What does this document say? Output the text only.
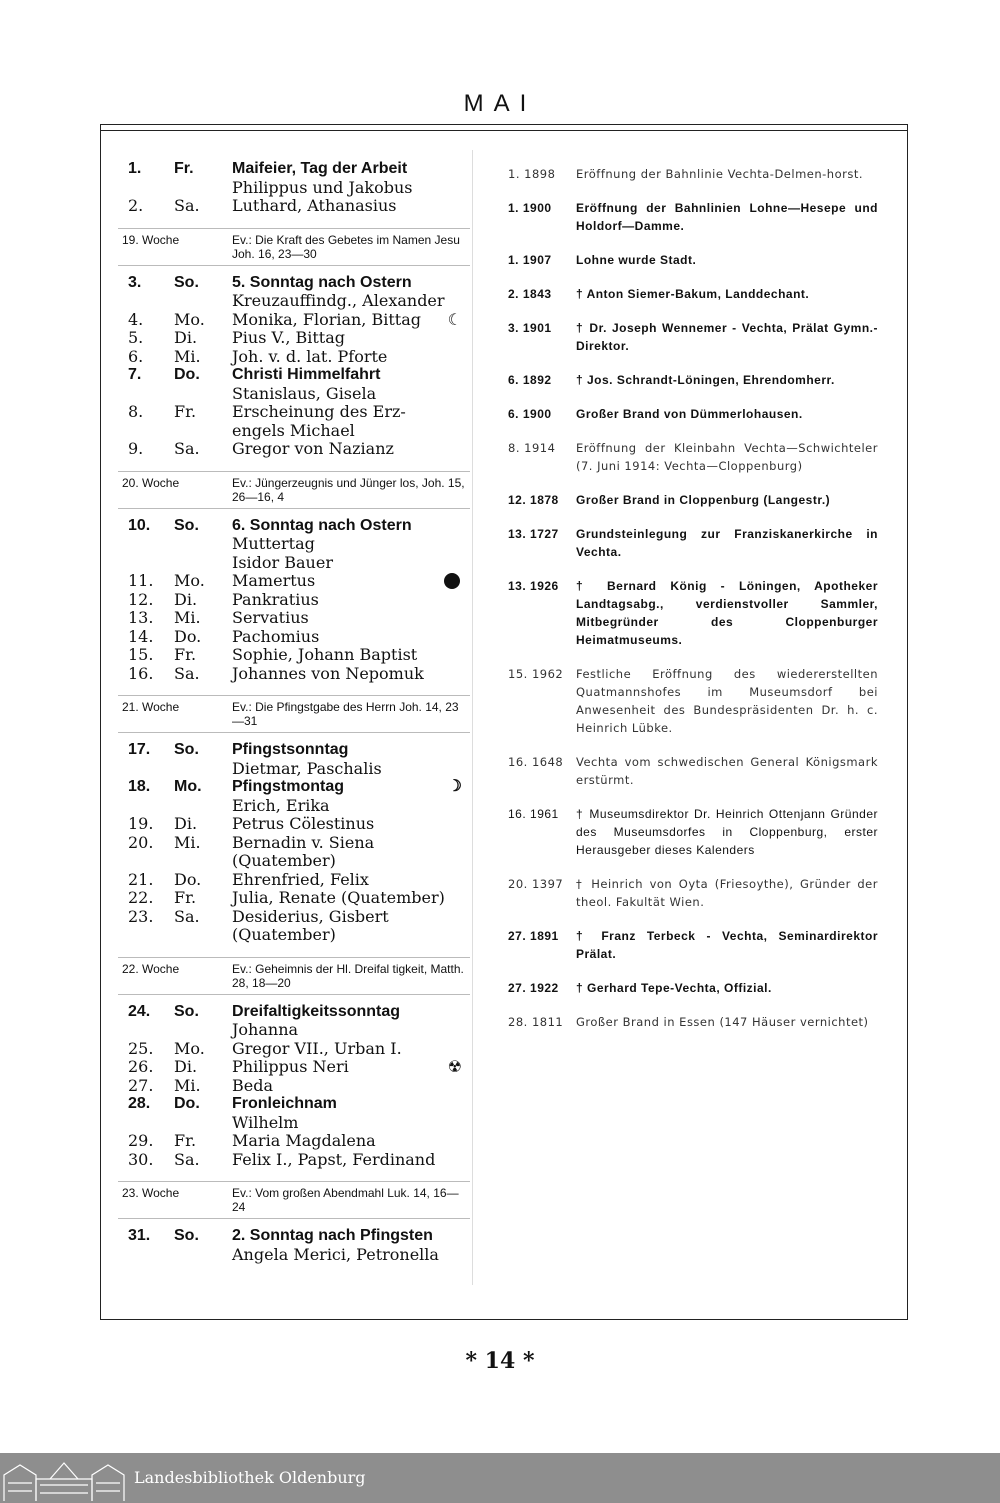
MAI
1.	Fr.	Maifeier, Tag der Arbeit
Philippus und Jakobus
2.	Sa.	Luthard, Athanasius
19. Woche	Ev.: Die Kraft des Gebetes im Namen Jesu Joh. 16, 23—30
3.	So.	5. Sonntag nach Ostern
Kreuzauffindg., Alexander
4.	Mo.	Monika, Florian, Bittag ☾
5.	Di.	Pius V., Bittag
6.	Mi.	Joh. v. d. lat. Pforte
7.	Do.	Christi Himmelfahrt
Stanislaus, Gisela
8.	Fr.	Erscheinung des Erz-
engels Michael
9.	Sa.	Gregor von Nazianz
20. Woche	Ev.: Jüngerzeugnis und Jünger los, Joh. 15, 26—16, 4
10.	So.	6. Sonntag nach Ostern
Muttertag
Isidor Bauer
11.	Mo.	Mamertus
12.	Di.	Pankratius
13.	Mi.	Servatius
14.	Do.	Pachomius
15.	Fr.	Sophie, Johann Baptist
16.	Sa.	Johannes von Nepomuk
21. Woche	Ev.: Die Pfingstgabe des Herrn Joh. 14, 23—31
17.	So.	Pfingstsonntag
Dietmar, Paschalis
18.	Mo.	Pfingstmontag	☽
Erich, Erika
19.	Di.	Petrus Cölestinus
20.	Mi.	Bernadin v. Siena
(Quatember)
21.	Do.	Ehrenfried, Felix
22.	Fr.	Julia, Renate (Quatember)
23.	Sa.	Desiderius, Gisbert
(Quatember)
22. Woche	Ev.: Geheimnis der Hl. Dreifal tigkeit, Matth. 28, 18—20
24.	So.	Dreifaltigkeitssonntag
Johanna
25.	Mo.	Gregor VII., Urban I.
26.	Di.	Philippus Neri	☢
27.	Mi.	Beda
28.	Do.	Fronleichnam
Wilhelm
29.	Fr.	Maria Magdalena
30.	Sa.	Felix I., Papst, Ferdinand
23. Woche	Ev.: Vom großen Abendmahl Luk. 14, 16—24
31.	So.	2. Sonntag nach Pfingsten
Angela Merici, Petronella
1. 1898	Eröffnung der Bahnlinie Vechta-Delmen-horst.
1. 1900	Eröffnung der Bahnlinien Lohne—Hesepe und Holdorf—Damme.
1. 1907	Lohne wurde Stadt.
2. 1843	† Anton Siemer-Bakum, Landdechant.
3. 1901	† Dr. Joseph Wennemer - Vechta, Prälat Gymn.-Direktor.
6. 1892	† Jos. Schrandt-Löningen, Ehrendomherr.
6. 1900	Großer Brand von Dümmerlohausen.
8. 1914	Eröffnung der Kleinbahn Vechta—Schwichteler (7. Juni 1914: Vechta—Cloppenburg)
12. 1878	Großer Brand in Cloppenburg (Langestr.)
13. 1727	Grundsteinlegung zur Franziskanerkirche in Vechta.
13. 1926	† Bernard König - Löningen, Apotheker Landtagsabg., verdienstvoller Sammler, Mitbegründer des Cloppenburger Heimatmuseums.
15. 1962	Festliche Eröffnung des wiedererstellten Quatmannshofes im Museumsdorf bei Anwesenheit des Bundespräsidenten Dr. h. c. Heinrich Lübke.
16. 1648	Vechta vom schwedischen General Königsmark erstürmt.
16. 1961	† Museumsdirektor Dr. Heinrich Ottenjann Gründer des Museumsdorfes in Cloppenburg, erster Herausgeber dieses Kalenders
20. 1397	† Heinrich von Oyta (Friesoythe), Gründer der theol. Fakultät Wien.
27. 1891	† Franz Terbeck - Vechta, Seminardirektor Prälat.
27. 1922	† Gerhard Tepe-Vechta, Offizial.
28. 1811	Großer Brand in Essen (147 Häuser vernichtet)
* 14 *
Landesbibliothek Oldenburg
